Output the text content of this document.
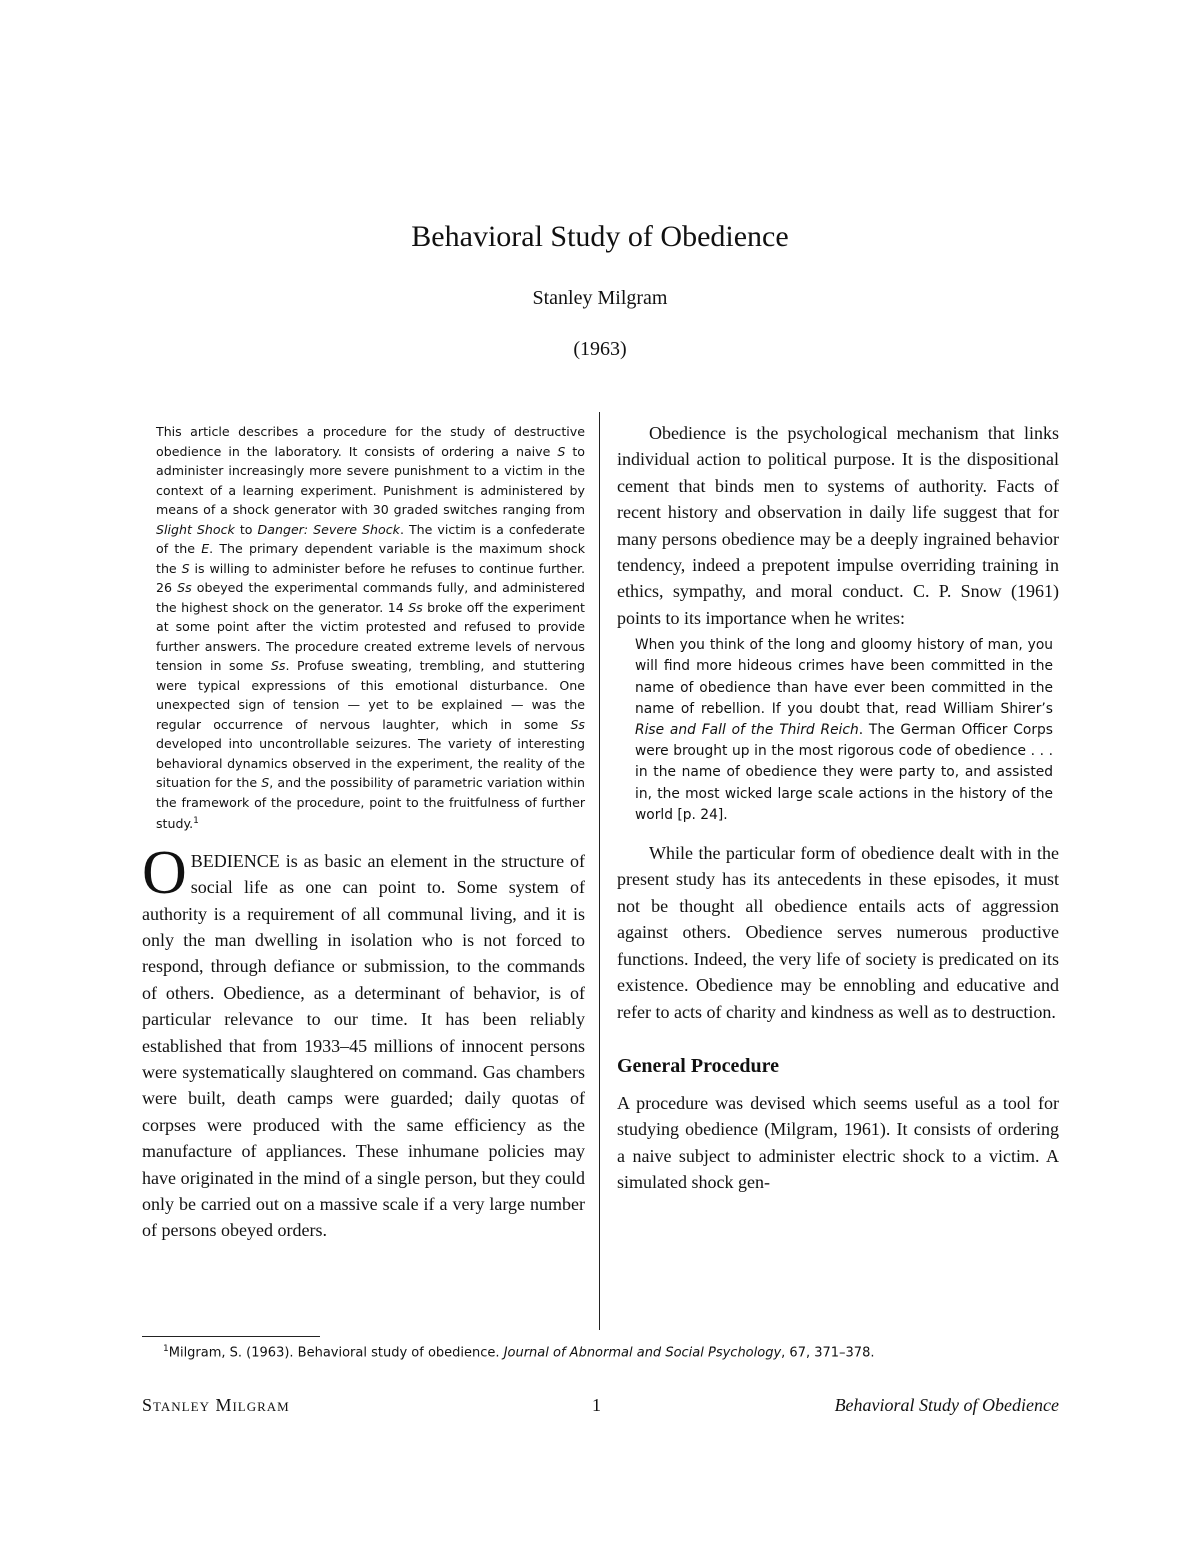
Behavioral Study of Obedience

Stanley Milgram

(1963)

This article describes a procedure for the study of destructive obedience in the laboratory. It consists of ordering a naive S to administer increasingly more severe punishment to a victim in the context of a learning experiment. Punishment is administered by means of a shock generator with 30 graded switches ranging from Slight Shock to Danger: Severe Shock. The victim is a confederate of the E. The primary dependent variable is the maximum shock the S is willing to administer before he refuses to continue further. 26 Ss obeyed the experimental commands fully, and administered the highest shock on the generator. 14 Ss broke off the experiment at some point after the victim protested and refused to provide further answers. The procedure created extreme levels of nervous tension in some Ss. Profuse sweating, trembling, and stuttering were typical expressions of this emotional disturbance. One unexpected sign of tension — yet to be explained — was the regular occurrence of nervous laughter, which in some Ss developed into uncontrollable seizures. The variety of interesting behavioral dynamics observed in the experiment, the reality of the situation for the S, and the possibility of parametric variation within the framework of the procedure, point to the fruitfulness of further study.$^1$

OBEDIENCE is as basic an element in the structure of social life as one can point to. Some system of authority is a requirement of all communal living, and it is only the man dwelling in isolation who is not forced to respond, through defiance or submission, to the commands of others. Obedience, as a determinant of behavior, is of particular relevance to our time. It has been reliably established that from 1933–45 millions of innocent persons were systematically slaughtered on command. Gas chambers were built, death camps were guarded; daily quotas of corpses were produced with the same efficiency as the manufacture of appliances. These inhumane policies may have originated in the mind of a single person, but they could only be carried out on a massive scale if a very large number of persons obeyed orders.

Obedience is the psychological mechanism that links individual action to political purpose. It is the dispositional cement that binds men to systems of authority. Facts of recent history and observation in daily life suggest that for many persons obedience may be a deeply ingrained behavior tendency, indeed a prepotent impulse overriding training in ethics, sympathy, and moral conduct. C. P. Snow (1961) points to its importance when he writes:

When you think of the long and gloomy history of man, you will find more hideous crimes have been committed in the name of obedience than have ever been committed in the name of rebellion. If you doubt that, read William Shirer’s Rise and Fall of the Third Reich. The German Officer Corps were brought up in the most rigorous code of obedience . . . in the name of obedience they were party to, and assisted in, the most wicked large scale actions in the history of the world [p. 24].

While the particular form of obedience dealt with in the present study has its antecedents in these episodes, it must not be thought all obedience entails acts of aggression against others. Obedience serves numerous productive functions. Indeed, the very life of society is predicated on its existence. Obedience may be ennobling and educative and refer to acts of charity and kindness as well as to destruction.

General Procedure

A procedure was devised which seems useful as a tool for studying obedience (Milgram, 1961). It consists of ordering a naive subject to administer electric shock to a victim. A simulated shock gen-

$^1$Milgram, S. (1963). Behavioral study of obedience. Journal of Abnormal and Social Psychology, 67, 371–378.

Stanley Milgram	1	Behavioral Study of Obedience
